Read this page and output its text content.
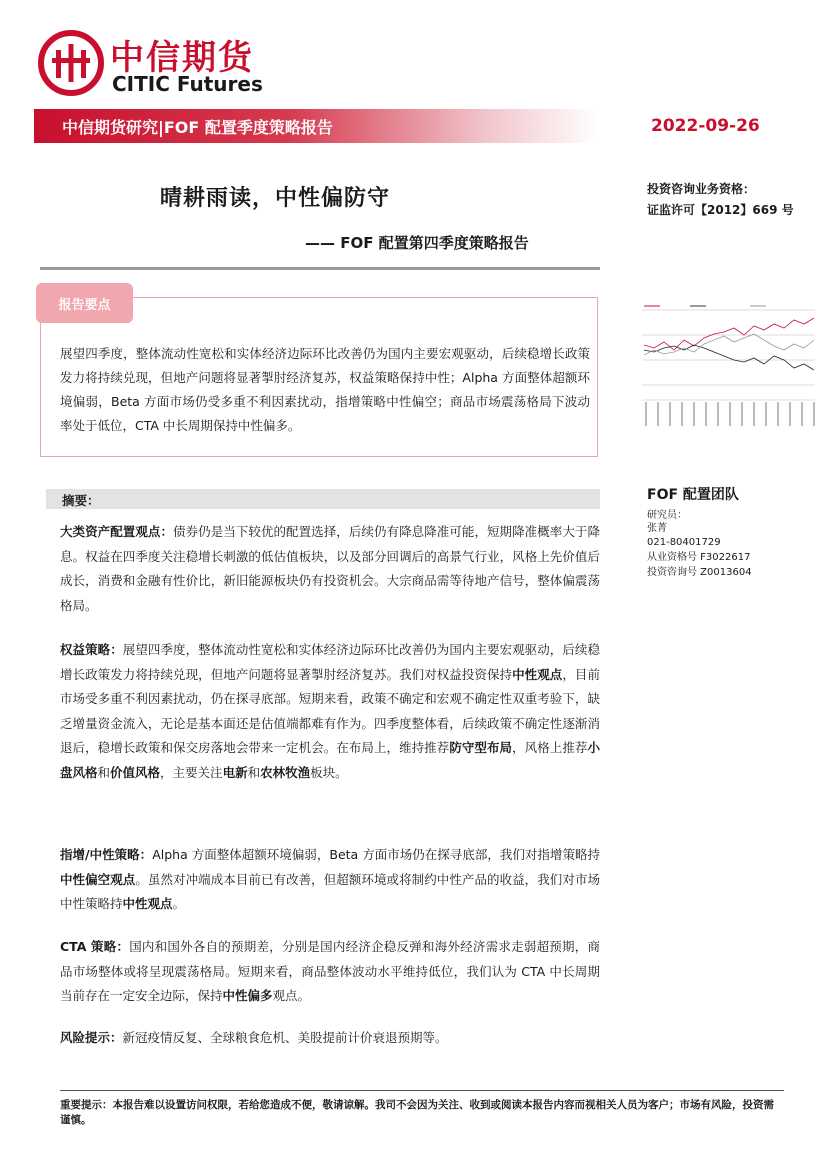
中信期货
CITIC Futures
中信期货研究|FOF 配置季度策略报告	2022-09-26
晴耕雨读，中性偏防守
—— FOF 配置第四季度策略报告
投资咨询业务资格：
证监许可【2012】669 号
报告要点
展望四季度，整体流动性宽松和实体经济边际环比改善仍为国内主要宏观驱动，后续稳增长政策发力将持续兑现，但地产问题将显著掣肘经济复苏，权益策略保持中性；Alpha 方面整体超额环境偏弱，Beta 方面市场仍受多重不利因素扰动，指增策略中性偏空；商品市场震荡格局下波动率处于低位，CTA 中长周期保持中性偏多。
摘要：	FOF 配置团队
研究员：
张菁
021-80401729
从业资格号 F3022617
投资咨询号 Z0013604
大类资产配置观点：债券仍是当下较优的配置选择，后续仍有降息降准可能，短期降准概率大于降息。权益在四季度关注稳增长刺激的低估值板块，以及部分回调后的高景气行业，风格上先价值后成长，消费和金融有性价比，新旧能源板块仍有投资机会。大宗商品需等待地产信号，整体偏震荡格局。
权益策略：展望四季度，整体流动性宽松和实体经济边际环比改善仍为国内主要宏观驱动，后续稳增长政策发力将持续兑现，但地产问题将显著掣肘经济复苏。我们对权益投资保持中性观点，目前市场受多重不利因素扰动，仍在探寻底部。短期来看，政策不确定和宏观不确定性双重考验下，缺乏增量资金流入，无论是基本面还是估值端都难有作为。四季度整体看，后续政策不确定性逐渐消退后，稳增长政策和保交房落地会带来一定机会。在布局上，维持推荐防守型布局，风格上推荐小盘风格和价值风格，主要关注电新和农林牧渔板块。
指增/中性策略：Alpha 方面整体超额环境偏弱，Beta 方面市场仍在探寻底部，我们对指增策略持中性偏空观点。虽然对冲端成本目前已有改善，但超额环境或将制约中性产品的收益，我们对市场中性策略持中性观点。
CTA 策略：国内和国外各自的预期差，分别是国内经济企稳反弹和海外经济需求走弱超预期，商品市场整体或将呈现震荡格局。短期来看，商品整体波动水平维持低位，我们认为 CTA 中长周期当前存在一定安全边际，保持中性偏多观点。
风险提示：新冠疫情反复、全球粮食危机、美股提前计价衰退预期等。
重要提示：本报告难以设置访问权限，若给您造成不便，敬请谅解。我司不会因为关注、收到或阅读本报告内容而视相关人员为客户；市场有风险，投资需谨慎。
